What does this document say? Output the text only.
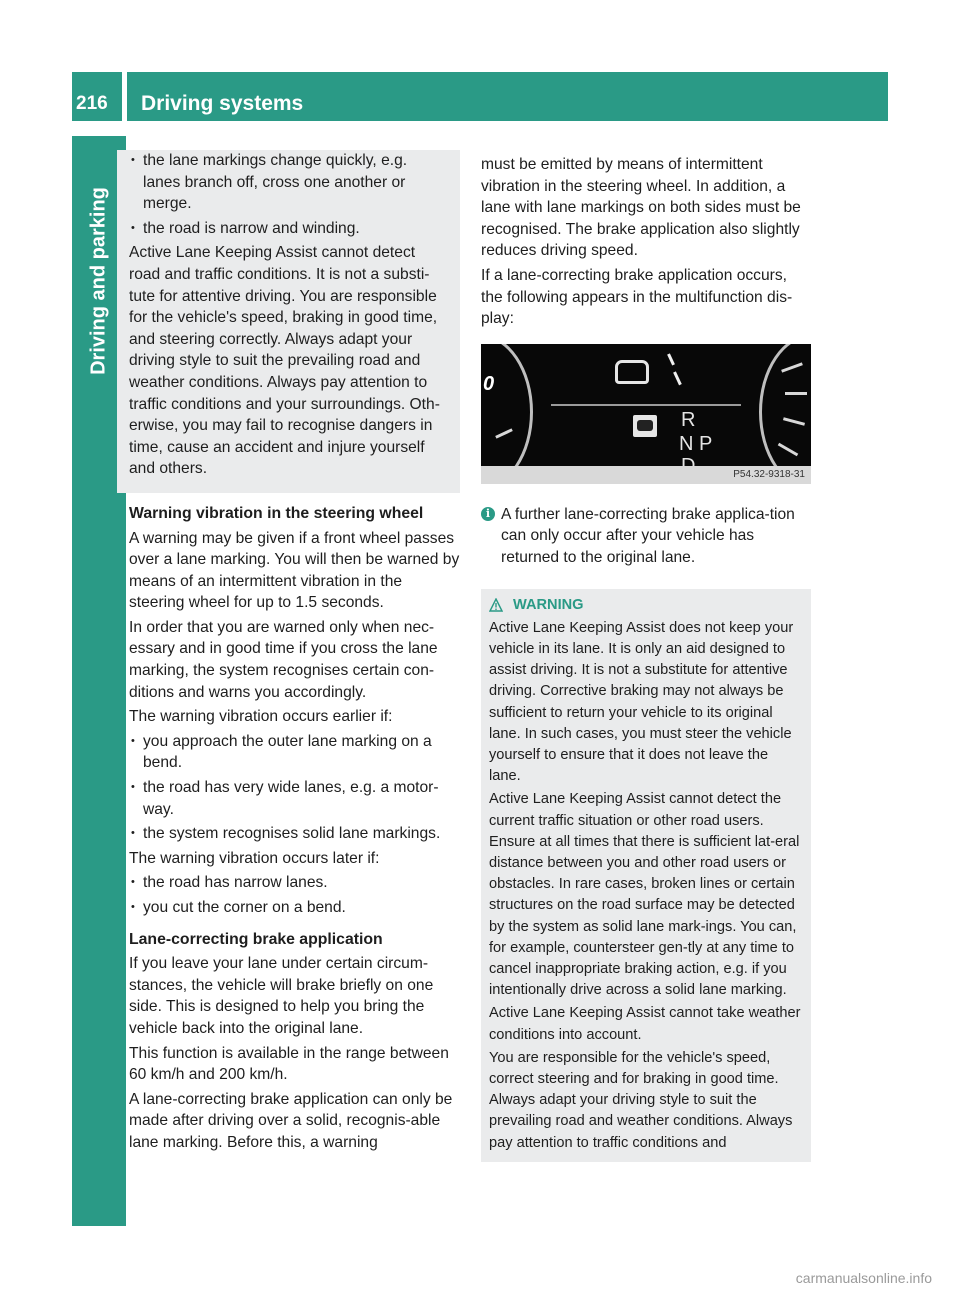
216	Driving systems
Driving and parking
• the lane markings change quickly, e.g. lanes branch off, cross one another or merge.
• the road is narrow and winding.

Active Lane Keeping Assist cannot detect road and traffic conditions. It is not a substi-tute for attentive driving. You are responsible for the vehicle's speed, braking in good time, and steering correctly. Always adapt your driving style to suit the prevailing road and weather conditions. Always pay attention to traffic conditions and your surroundings. Oth-erwise, you may fail to recognise dangers in time, cause an accident and injure yourself and others.

Warning vibration in the steering wheel

A warning may be given if a front wheel passes over a lane marking. You will then be warned by means of an intermittent vibration in the steering wheel for up to 1.5 seconds.

In order that you are warned only when nec-essary and in good time if you cross the lane marking, the system recognises certain con-ditions and warns you accordingly.

The warning vibration occurs earlier if:

• you approach the outer lane marking on a bend.
• the road has very wide lanes, e.g. a motor-way.
• the system recognises solid lane markings.

The warning vibration occurs later if:

• the road has narrow lanes.
• you cut the corner on a bend.
Lane-correcting brake application

If you leave your lane under certain circum-stances, the vehicle will brake briefly on one side. This is designed to help you bring the vehicle back into the original lane.

This function is available in the range between 60 km/h and 200 km/h.

A lane-correcting brake application can only be made after driving over a solid, recognis-able lane marking. Before this, a warning

must be emitted by means of intermittent vibration in the steering wheel. In addition, a lane with lane markings on both sides must be recognised. The brake application also slightly reduces driving speed.

If a lane-correcting brake application occurs, the following appears in the multifunction dis-play:

0
R
N P
P54.32-9318-31
i A further lane-correcting brake applica-tion can only occur after your vehicle has returned to the original lane.
WARNING

Active Lane Keeping Assist does not keep your vehicle in its lane. It is only an aid designed to assist driving. It is not a substitute for attentive driving. Corrective braking may not always be sufficient to return your vehicle to its original lane. In such cases, you must steer the vehicle yourself to ensure that it does not leave the lane.

Active Lane Keeping Assist cannot detect the current traffic situation or other road users. Ensure at all times that there is sufficient lat-eral distance between you and other road users or obstacles. In rare cases, broken lines or certain structures on the road surface may be detected by the system as solid lane mark-ings. You can, for example, countersteer gen-tly at any time to cancel inappropriate braking action, e.g. if you intentionally drive across a solid lane marking.

Active Lane Keeping Assist cannot take weather conditions into account.

You are responsible for the vehicle's speed, correct steering and for braking in good time. Always adapt your driving style to suit the prevailing road and weather conditions. Always pay attention to traffic conditions and

carmanualsonline.info
